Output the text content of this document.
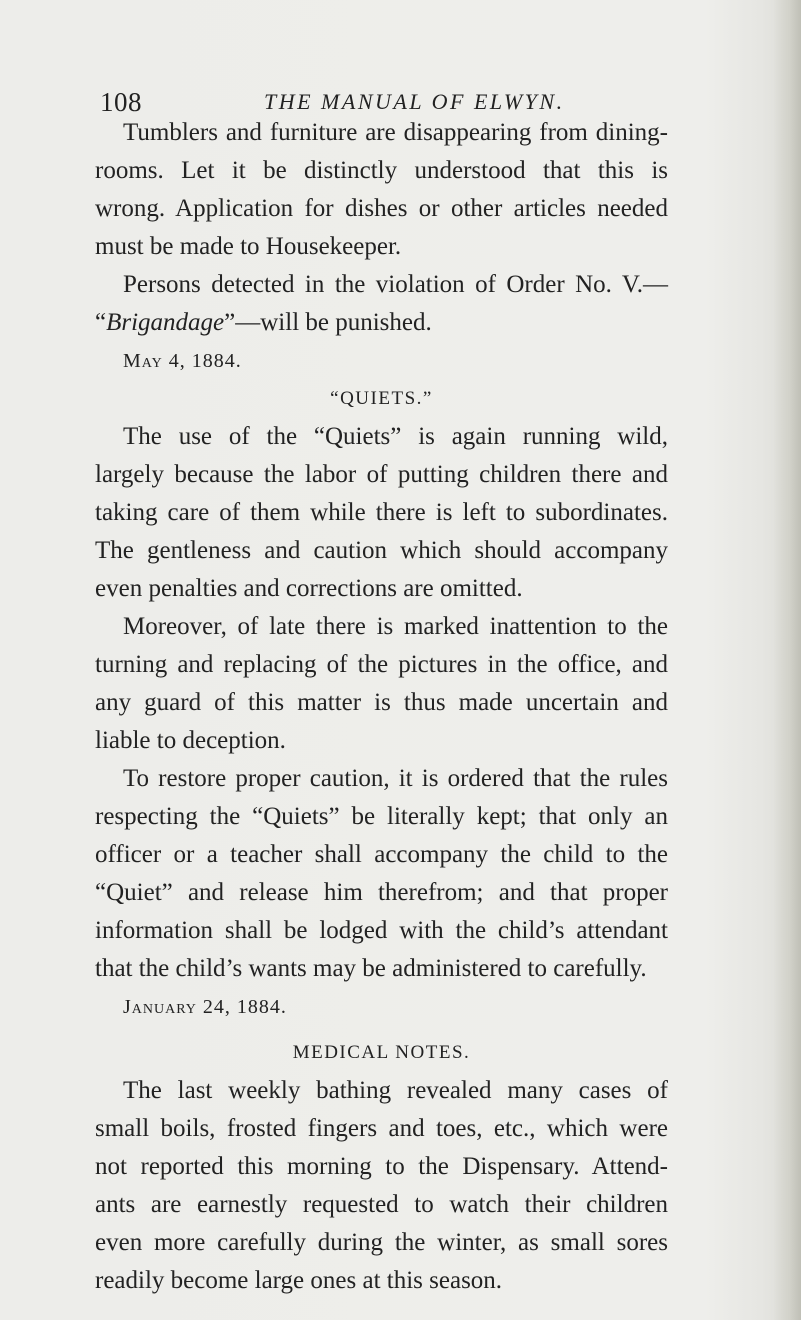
108	THE MANUAL OF ELWYN.
Tumblers and furniture are disappearing from dining-
rooms. Let it be distinctly understood that this is
wrong. Application for dishes or other articles needed
must be made to Housekeeper.
Persons detected in the violation of Order No. V.—
“Brigandage”—will be punished.
May 4, 1884.
“QUIETS.”
The use of the “Quiets” is again running wild,
largely because the labor of putting children there and
taking care of them while there is left to subordinates.
The gentleness and caution which should accompany
even penalties and corrections are omitted.
Moreover, of late there is marked inattention to the
turning and replacing of the pictures in the office, and
any guard of this matter is thus made uncertain and
liable to deception.
To restore proper caution, it is ordered that the rules
respecting the “Quiets” be literally kept; that only an
officer or a teacher shall accompany the child to the
“Quiet” and release him therefrom; and that proper
information shall be lodged with the child’s attendant
that the child’s wants may be administered to carefully.
January 24, 1884.
MEDICAL NOTES.
The last weekly bathing revealed many cases of
small boils, frosted fingers and toes, etc., which were
not reported this morning to the Dispensary. Attend-
ants are earnestly requested to watch their children
even more carefully during the winter, as small sores
readily become large ones at this season.
